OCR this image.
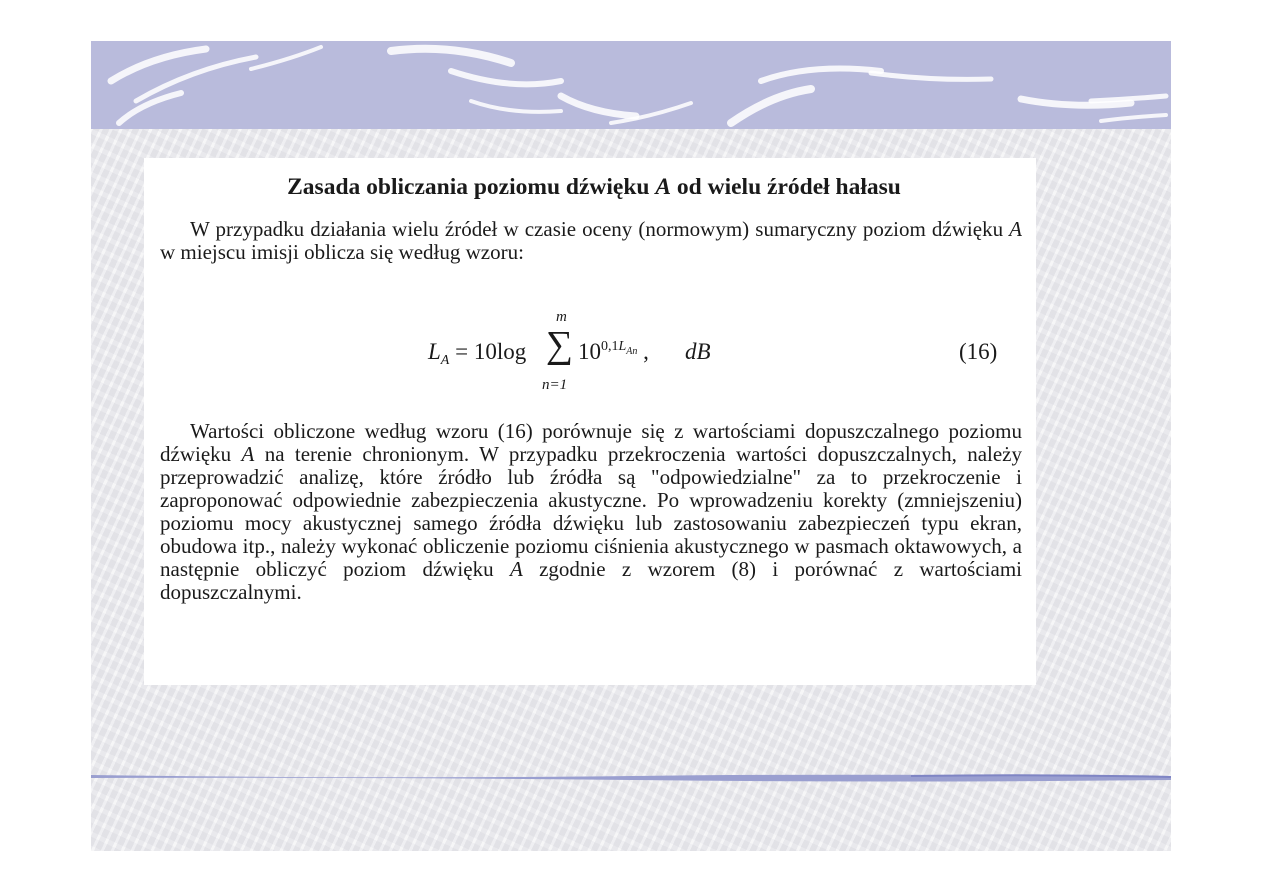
Zasada obliczania poziomu dźwięku A od wielu źródeł hałasu

W przypadku działania wielu źródeł w czasie oceny (normowym) sumaryczny poziom dźwięku A w miejscu imisji oblicza się według wzoru:

$L_A = 10\log$
m
∑
n=1
$10^{0,1L_{An}}$ , dB	(16)

Wartości obliczone według wzoru (16) porównuje się z wartościami dopuszczalnego poziomu dźwięku A na terenie chronionym. W przypadku przekroczenia wartości dopuszczalnych, należy przeprowadzić analizę, które źródło lub źródła są "odpowiedzialne" za to przekroczenie i zaproponować odpowiednie zabezpieczenia akustyczne. Po wprowadzeniu korekty (zmniejszeniu) poziomu mocy akustycznej samego źródła dźwięku lub zastosowaniu zabezpieczeń typu ekran, obudowa itp., należy wykonać obliczenie poziomu ciśnienia akustycznego w pasmach oktawowych, a następnie obliczyć poziom dźwięku A zgodnie z wzorem (8) i porównać z wartościami dopuszczalnymi.
